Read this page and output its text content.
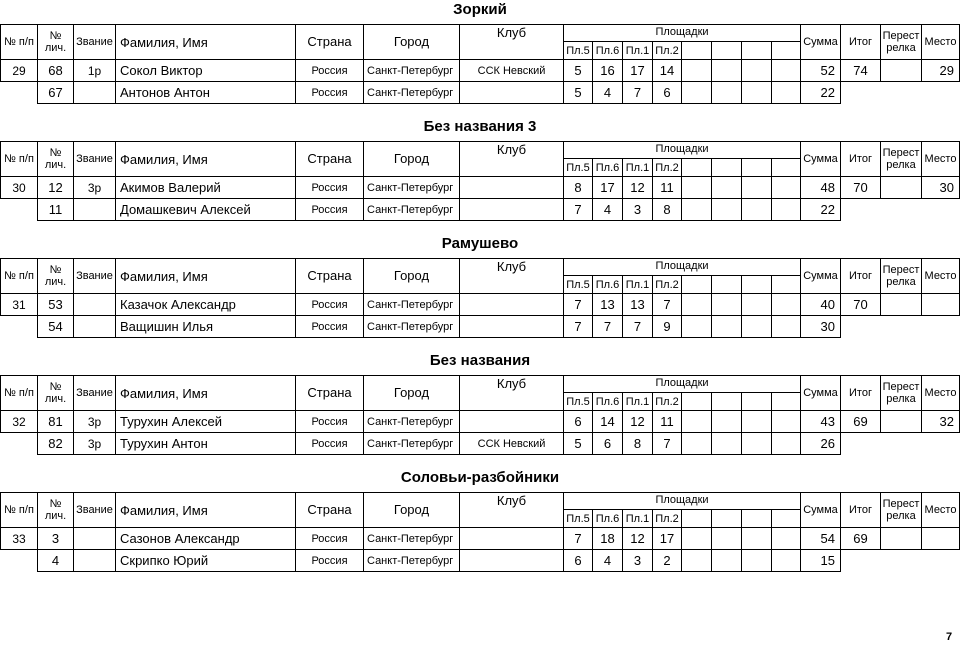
Зоркий
№ п/п	№ лич. Звание Фамилия, Имя	Страна	Город
Клуб	Площадки
Пл.5 Пл.6 Пл.1 Пл.2
Сумма	Итог Перест релка Место
29	68	1р	Сокол Виктор	Россия	Санкт-Петербург	ССК Невский	5	16	17	14	52	74	29
67	Антонов Антон	Россия	Санкт-Петербург	5	4	7	6	22
Без названия 3
№ п/п	№ лич. Звание Фамилия, Имя	Страна	Город
Клуб	Площадки
Пл.5 Пл.6 Пл.1 Пл.2
Сумма	Итог Перест релка Место
30	12	3р	Акимов Валерий	Россия	Санкт-Петербург	8	17	12	11	48	70	30
11	Домашкевич Алексей	Россия	Санкт-Петербург	7	4	3	8	22
Рамушево
№ п/п	№ лич. Звание Фамилия, Имя	Страна	Город
Клуб	Площадки
Пл.5 Пл.6 Пл.1 Пл.2
Сумма	Итог Перест релка Место
31	53	Казачок Александр	Россия	Санкт-Петербург	7	13	13	7	40	70
54	Ващишин Илья	Россия	Санкт-Петербург	7	7	7	9	30
Без названия
№ п/п	№ лич. Звание Фамилия, Имя	Страна	Город
Клуб	Площадки
Пл.5 Пл.6 Пл.1 Пл.2
Сумма	Итог Перест релка Место
32	81	3р	Турухин Алексей	Россия	Санкт-Петербург	6	14	12	11	43	69	32
82	3р	Турухин Антон	Россия	Санкт-Петербург	ССК Невский	5	6	8	7	26
Соловьи-разбойники
№ п/п	№ лич. Звание Фамилия, Имя	Страна	Город
Клуб	Площадки
Пл.5 Пл.6 Пл.1 Пл.2
Сумма	Итог Перест релка Место
33	3	Сазонов Александр	Россия	Санкт-Петербург	7	18	12	17	54	69
4	Скрипко Юрий	Россия	Санкт-Петербург	6	4	3	2	15
7
